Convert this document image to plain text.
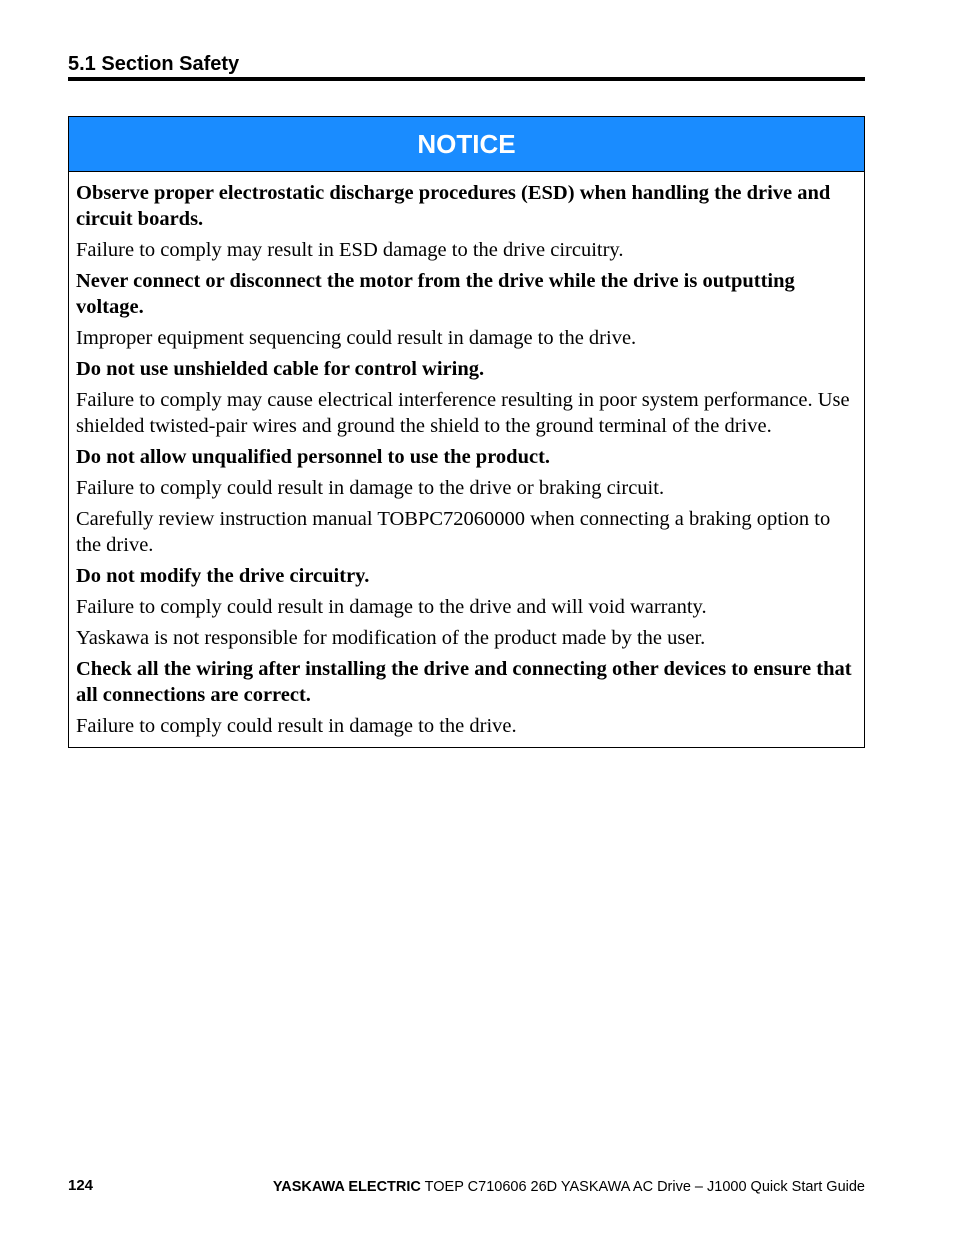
5.1 Section Safety
NOTICE

Observe proper electrostatic discharge procedures (ESD) when handling the drive and circuit boards.

Failure to comply may result in ESD damage to the drive circuitry.

Never connect or disconnect the motor from the drive while the drive is outputting voltage.

Improper equipment sequencing could result in damage to the drive.

Do not use unshielded cable for control wiring.

Failure to comply may cause electrical interference resulting in poor system performance. Use shielded twisted-pair wires and ground the shield to the ground terminal of the drive.

Do not allow unqualified personnel to use the product.

Failure to comply could result in damage to the drive or braking circuit.

Carefully review instruction manual TOBPC72060000 when connecting a braking option to the drive.

Do not modify the drive circuitry.

Failure to comply could result in damage to the drive and will void warranty.

Yaskawa is not responsible for modification of the product made by the user.

Check all the wiring after installing the drive and connecting other devices to ensure that all connections are correct.

Failure to comply could result in damage to the drive.

124	YASKAWA ELECTRIC TOEP C710606 26D YASKAWA AC Drive – J1000 Quick Start Guide
